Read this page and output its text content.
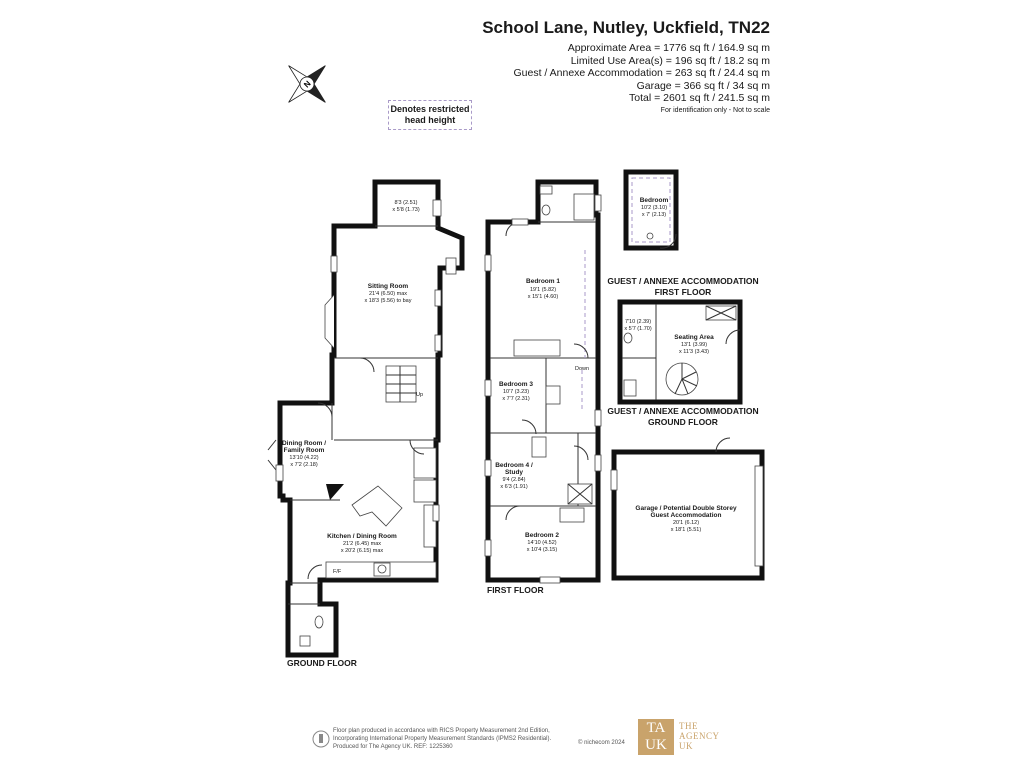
School Lane, Nutley, Uckfield, TN22
Approximate Area = 1776 sq ft / 164.9 sq m
Limited Use Area(s) = 196 sq ft / 18.2 sq m
Guest / Annexe Accommodation = 263 sq ft / 24.4 sq m
Garage = 366 sq ft / 34 sq m
Total = 2601 sq ft / 241.5 sq m
For identification only - Not to scale
Denotes restricted head height
N
Up
F/F
8'3 (2.51)
x 5'8 (1.73)
Sitting Room
21'4 (6.50) max
x 18'3 (5.56) to bay
Dining Room /
Family Room
13'10 (4.22)
x 7'2 (2.18)
Kitchen / Dining Room
21'2 (6.45) max
x 20'2 (6.15) max
GROUND FLOOR
Down
Bedroom 1
19'1 (5.82)
x 15'1 (4.60)
Bedroom 3
10'7 (3.23)
x 7'7 (2.31)
Bedroom 4 /
Study
9'4 (2.84)
x 6'3 (1.91)
Bedroom 2
14'10 (4.52)
x 10'4 (3.15)
FIRST FLOOR
Bedroom
10'2 (3.10)
x 7' (2.13)
GUEST / ANNEXE ACCOMMODATION
FIRST FLOOR
7'10 (2.39)
x 5'7 (1.70)
Seating Area
13'1 (3.99)
x 11'3 (3.43)
GUEST / ANNEXE ACCOMMODATION
GROUND FLOOR
Garage / Potential Double Storey
Guest Accommodation
20'1 (6.12)
x 18'1 (5.51)
Floor plan produced in accordance with RICS Property Measurement 2nd Edition,
Incorporating International Property Measurement Standards (IPMS2 Residential).
Produced for The Agency UK. REF: 1225360
© nichecom 2024
TA
UK
THE
AGENCY
UK
